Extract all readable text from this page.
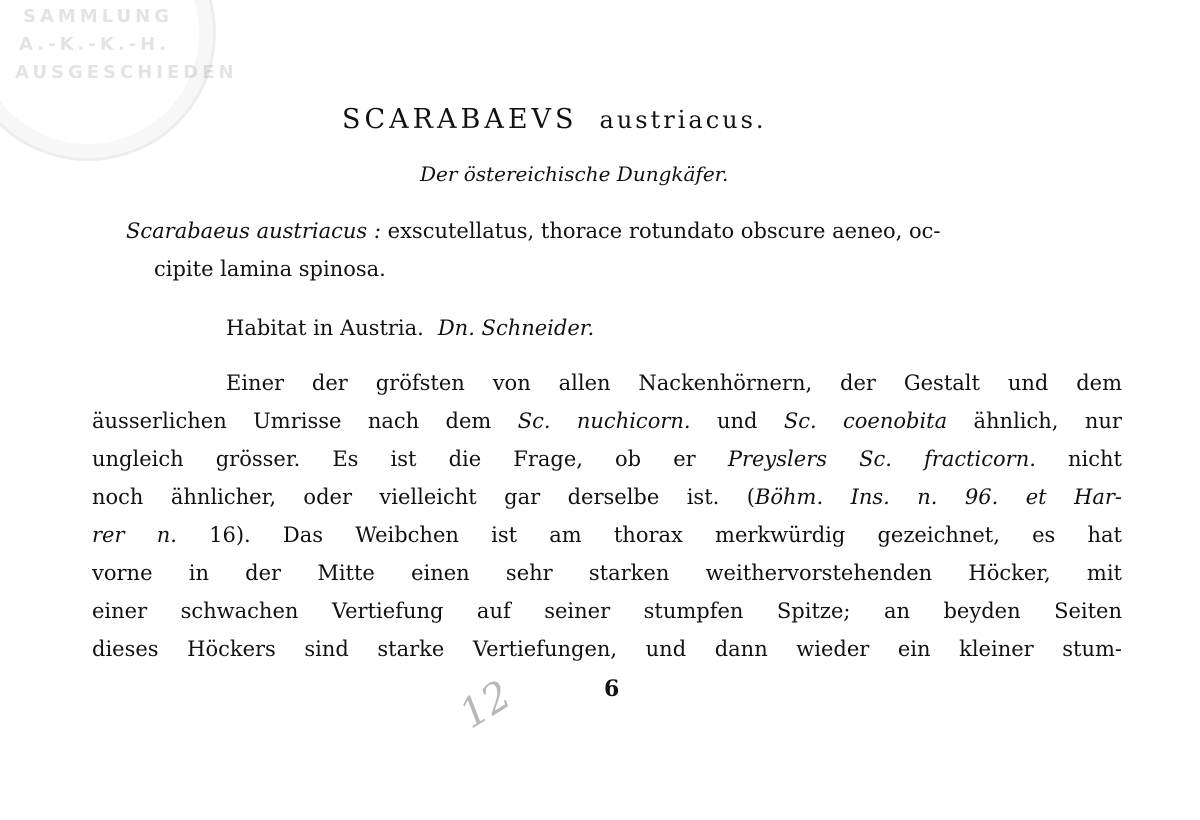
SAMMLUNG
A.-K.-K.-H.
AUSGESCHIEDEN
SCARABAEVS austriacus.
Der östereichische Dungkäfer.
Scarabaeus austriacus : exscutellatus, thorace rotundato obscure aeneo, oc-
cipite lamina spinosa.
Habitat in Austria. Dn. Schneider.
Einer der gröfsten von allen Nackenhörnern, der Gestalt und dem
äusserlichen Umrisse nach dem Sc. nuchicorn. und Sc. coenobita ähnlich, nur
ungleich grösser. Es ist die Frage, ob er Preyslers Sc. fracticorn. nicht
noch ähnlicher, oder vielleicht gar derselbe ist. (Böhm. Ins. n. 96. et Har-
rer n. 16). Das Weibchen ist am thorax merkwürdig gezeichnet, es hat
vorne in der Mitte einen sehr starken weithervorstehenden Höcker, mit
einer schwachen Vertiefung auf seiner stumpfen Spitze; an beyden Seiten
dieses Höckers sind starke Vertiefungen, und dann wieder ein kleiner stum-
6
12
